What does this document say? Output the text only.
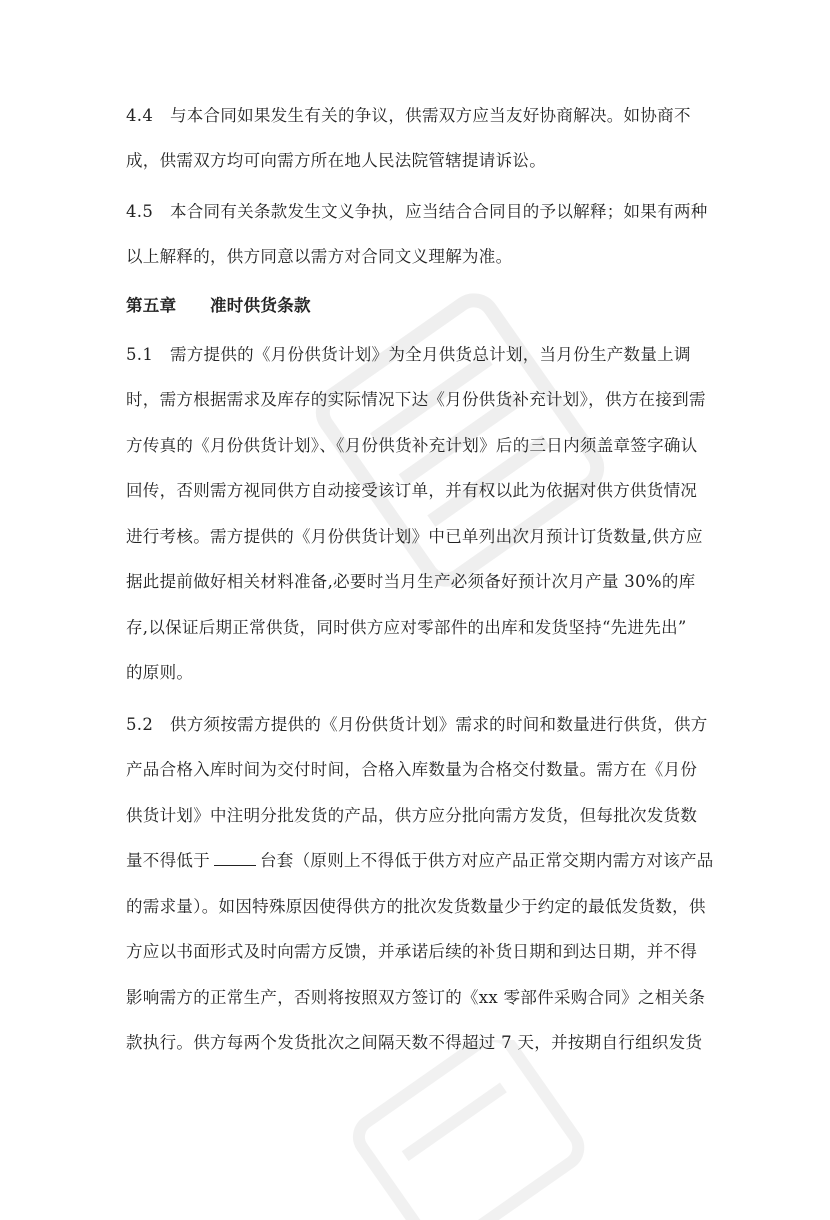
4.4　与本合同如果发生有关的争议，供需双方应当友好协商解决。如协商不
成，供需双方均可向需方所在地人民法院管辖提请诉讼。
4.5　本合同有关条款发生文义争执，应当结合合同目的予以解释；如果有两种
以上解释的，供方同意以需方对合同文义理解为准。
第五章　　准时供货条款
5.1　需方提供的《月份供货计划》为全月供货总计划，当月份生产数量上调
时，需方根据需求及库存的实际情况下达《月份供货补充计划》，供方在接到需
方传真的《月份供货计划》、《月份供货补充计划》后的三日内须盖章签字确认
回传，否则需方视同供方自动接受该订单，并有权以此为依据对供方供货情况
进行考核。需方提供的《月份供货计划》中已单列出次月预计订货数量,供方应
据此提前做好相关材料准备,必要时当月生产必须备好预计次月产量 30%的库
存,以保证后期正常供货，同时供方应对零部件的出库和发货坚持“先进先出”
的原则。
5.2　供方须按需方提供的《月份供货计划》需求的时间和数量进行供货，供方
产品合格入库时间为交付时间，合格入库数量为合格交付数量。需方在《月份
供货计划》中注明分批发货的产品，供方应分批向需方发货，但每批次发货数
量不得低于	台套（原则上不得低于供方对应产品正常交期内需方对该产品
的需求量）。如因特殊原因使得供方的批次发货数量少于约定的最低发货数，供
方应以书面形式及时向需方反馈，并承诺后续的补货日期和到达日期，并不得
影响需方的正常生产，否则将按照双方签订的《xx 零部件采购合同》之相关条
款执行。供方每两个发货批次之间隔天数不得超过 7 天，并按期自行组织发货
